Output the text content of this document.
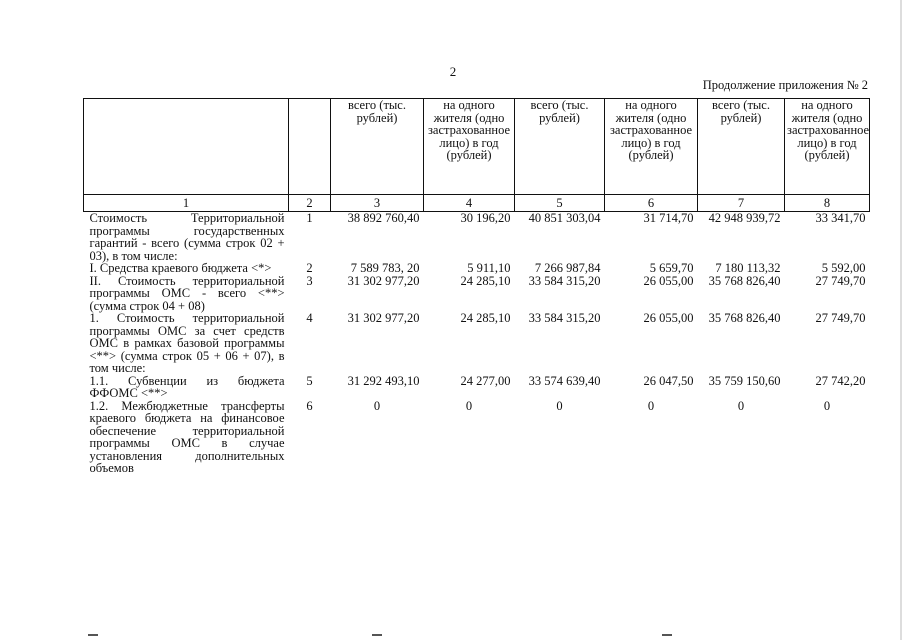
2
Продолжение приложения № 2
		всего (тыс. рублей)	на одного жителя (одно застрахованное лицо) в год (рублей)	всего (тыс. рублей)	на одного жителя (одно застрахованное лицо) в год (рублей)	всего (тыс. рублей)	на одного жителя (одно застрахованное лицо) в год (рублей)
1	2	3	4	5	6	7	8
Стоимость Территориальной программы государственных гарантий - всего (сумма строк 02 + 03), в том числе:	1	38 892 760,40	30 196,20	40 851 303,04	31 714,70	42 948 939,72	33 341,70
I. Средства краевого бюджета <*>	2	7 589 783, 20	5 911,10	7 266 987,84	5 659,70	7 180 113,32	5 592,00
II. Стоимость территориальной программы ОМС - всего <**> (сумма строк 04 + 08)	3	31 302 977,20	24 285,10	33 584 315,20	26 055,00	35 768 826,40	27 749,70
1. Стоимость территориальной программы ОМС за счет средств ОМС в рамках базовой программы <**> (сумма строк 05 + 06 + 07), в том числе:	4	31 302 977,20	24 285,10	33 584 315,20	26 055,00	35 768 826,40	27 749,70
1.1. Субвенции из бюджета ФФОМС <**>	5	31 292 493,10	24 277,00	33 574 639,40	26 047,50	35 759 150,60	27 742,20
1.2. Межбюджетные трансферты краевого бюджета на финансовое обеспечение территориальной программы ОМС в случае установления дополнительных объемов	6	0	0	0	0	0	0
